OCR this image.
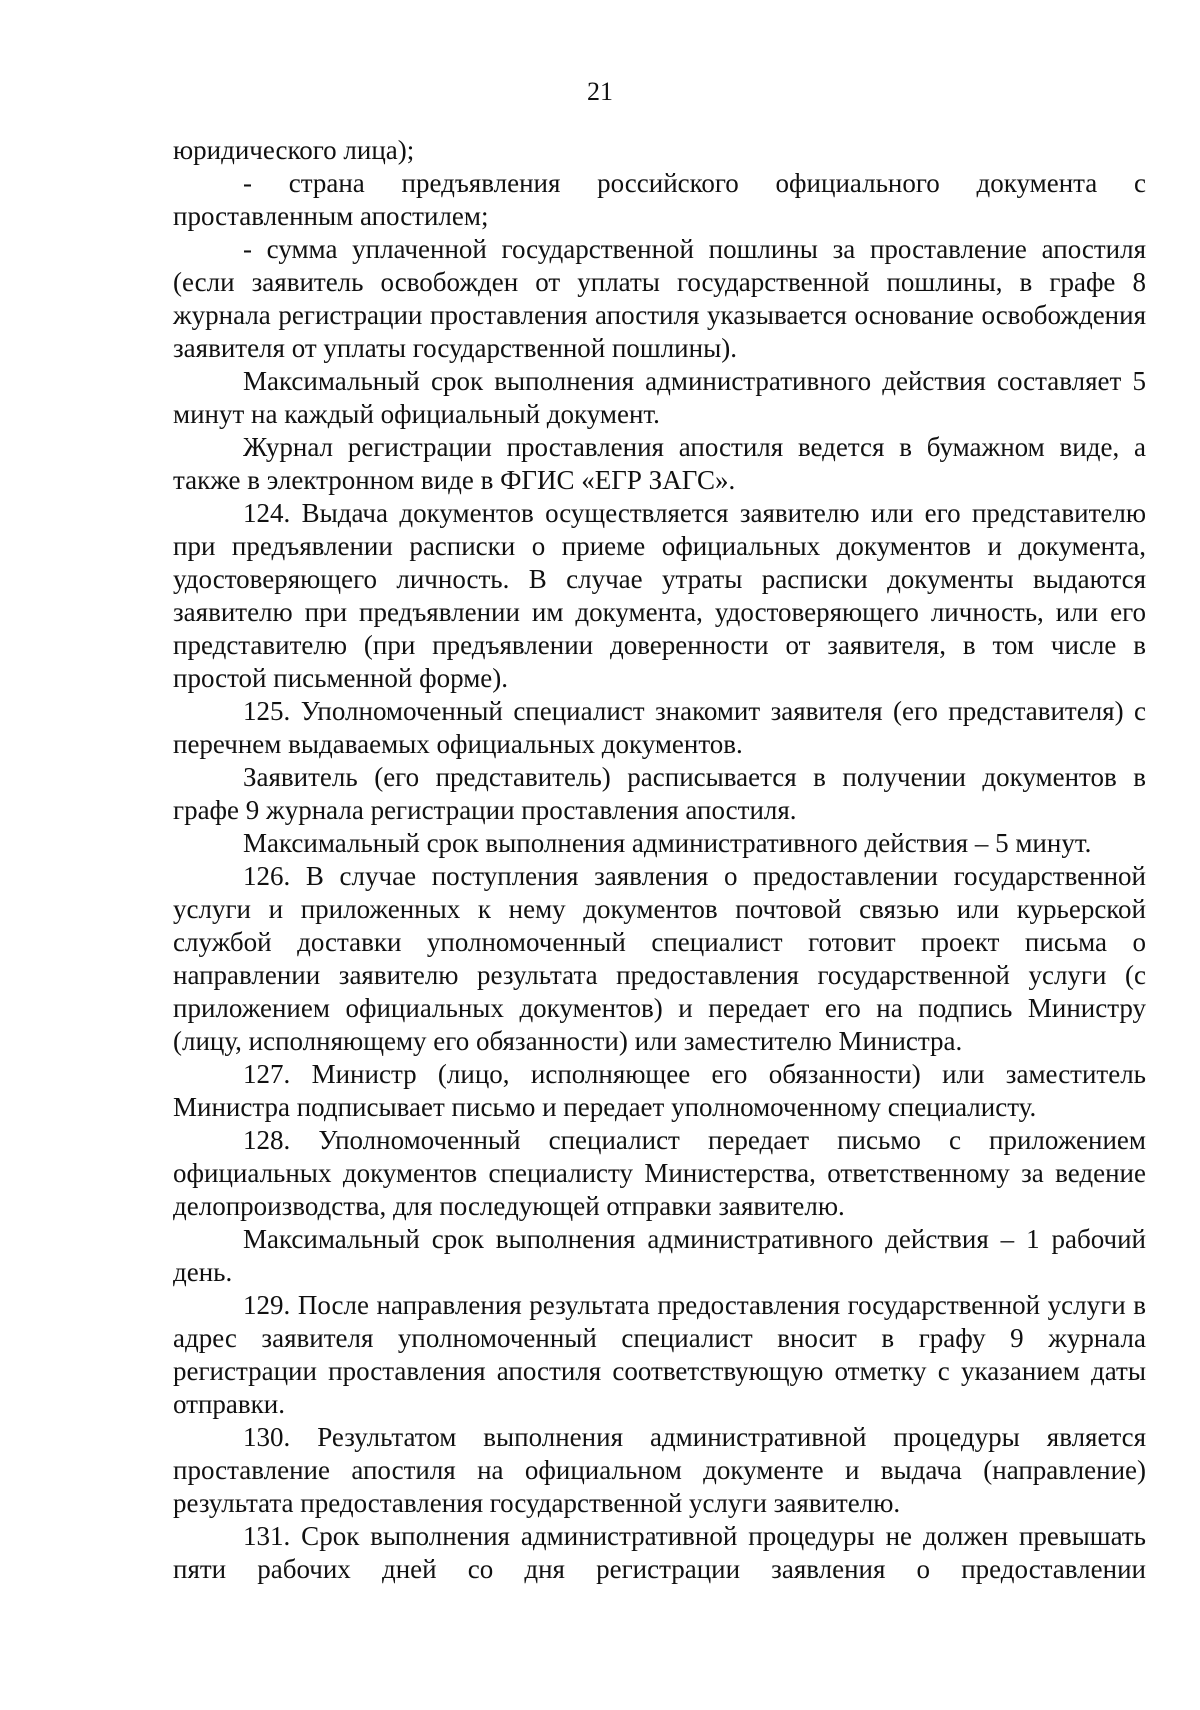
21

юридического лица);

- страна предъявления российского официального документа с проставленным апостилем;

- сумма уплаченной государственной пошлины за проставление апостиля (если заявитель освобожден от уплаты государственной пошлины, в графе 8 журнала регистрации проставления апостиля указывается основание освобождения заявителя от уплаты государственной пошлины).

Максимальный срок выполнения административного действия составляет 5 минут на каждый официальный документ.

Журнал регистрации проставления апостиля ведется в бумажном виде, а также в электронном виде в ФГИС «ЕГР ЗАГС».

124. Выдача документов осуществляется заявителю или его представителю при предъявлении расписки о приеме официальных документов и документа, удостоверяющего личность. В случае утраты расписки документы выдаются заявителю при предъявлении им документа, удостоверяющего личность, или его представителю (при предъявлении доверенности от заявителя, в том числе в простой письменной форме).

125. Уполномоченный специалист знакомит заявителя (его представителя) с перечнем выдаваемых официальных документов.

Заявитель (его представитель) расписывается в получении документов в графе 9 журнала регистрации проставления апостиля.

Максимальный срок выполнения административного действия – 5 минут.

126. В случае поступления заявления о предоставлении государственной услуги и приложенных к нему документов почтовой связью или курьерской службой доставки уполномоченный специалист готовит проект письма о направлении заявителю результата предоставления государственной услуги (с приложением официальных документов) и передает его на подпись Министру (лицу, исполняющему его обязанности) или заместителю Министра.

127. Министр (лицо, исполняющее его обязанности) или заместитель Министра подписывает письмо и передает уполномоченному специалисту.

128. Уполномоченный специалист передает письмо с приложением официальных документов специалисту Министерства, ответственному за ведение делопроизводства, для последующей отправки заявителю.

Максимальный срок выполнения административного действия – 1 рабочий день.

129. После направления результата предоставления государственной услуги в адрес заявителя уполномоченный специалист вносит в графу 9 журнала регистрации проставления апостиля соответствующую отметку с указанием даты отправки.

130. Результатом выполнения административной процедуры является проставление апостиля на официальном документе и выдача (направление) результата предоставления государственной услуги заявителю.

131. Срок выполнения административной процедуры не должен превышать пяти рабочих дней со дня регистрации заявления о предоставлении
